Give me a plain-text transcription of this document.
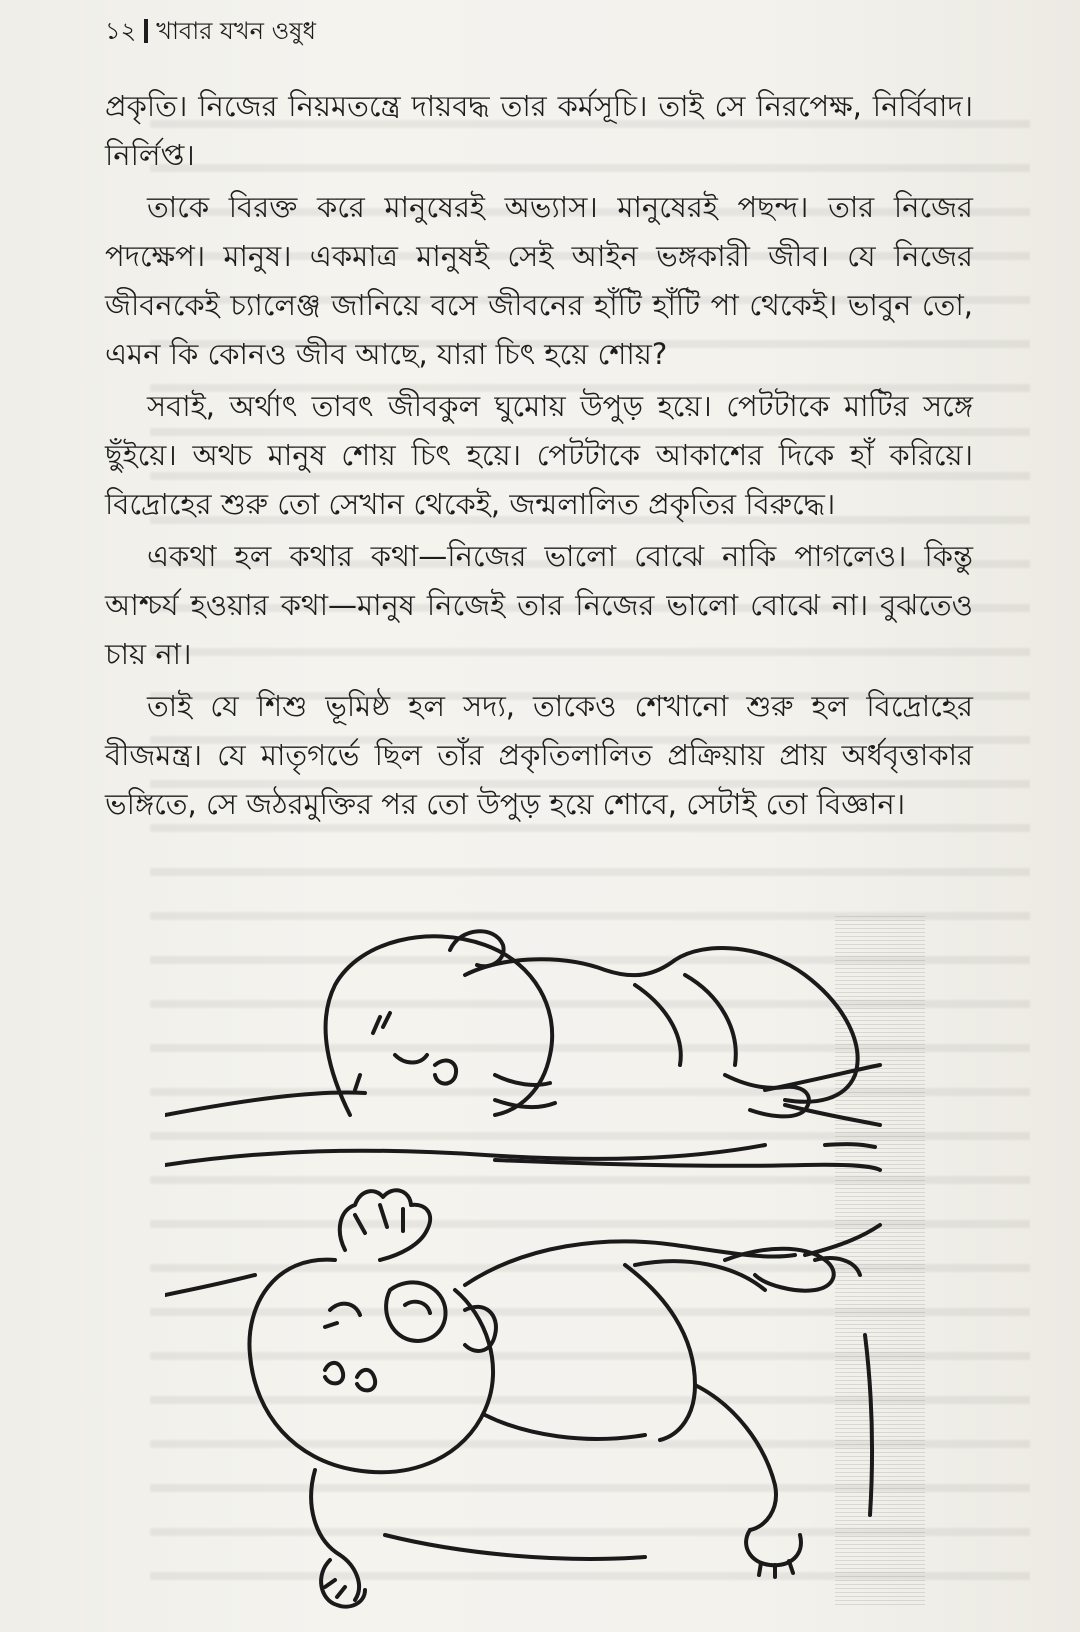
১২ খাবার যখন ওষুধ

প্রকৃতি। নিজের নিয়মতন্ত্রে দায়বদ্ধ তার কর্মসূচি। তাই সে নিরপেক্ষ, নির্বিবাদ। নির্লিপ্ত।

তাকে বিরক্ত করে মানুষেরই অভ্যাস। মানুষেরই পছন্দ। তার নিজের পদক্ষেপ। মানুষ। একমাত্র মানুষই সেই আইন ভঙ্গকারী জীব। যে নিজের জীবনকেই চ্যালেঞ্জ জানিয়ে বসে জীবনের হাঁটি হাঁটি পা থেকেই। ভাবুন তো, এমন কি কোনও জীব আছে, যারা চিৎ হয়ে শোয়?

সবাই, অর্থাৎ তাবৎ জীবকুল ঘুমোয় উপুড় হয়ে। পেটটাকে মাটির সঙ্গে ছুঁইয়ে। অথচ মানুষ শোয় চিৎ হয়ে। পেটটাকে আকাশের দিকে হাঁ করিয়ে। বিদ্রোহের শুরু তো সেখান থেকেই, জন্মলালিত প্রকৃতির বিরুদ্ধে।

একথা হল কথার কথা—নিজের ভালো বোঝে নাকি পাগলেও। কিন্তু আশ্চর্য হওয়ার কথা—মানুষ নিজেই তার নিজের ভালো বোঝে না। বুঝতেও চায় না।

তাই যে শিশু ভূমিষ্ঠ হল সদ্য, তাকেও শেখানো শুরু হল বিদ্রোহের বীজমন্ত্র। যে মাতৃগর্ভে ছিল তাঁর প্রকৃতিলালিত প্রক্রিয়ায় প্রায় অর্ধবৃত্তাকার ভঙ্গিতে, সে জঠরমুক্তির পর তো উপুড় হয়ে শোবে, সেটাই তো বিজ্ঞান।
